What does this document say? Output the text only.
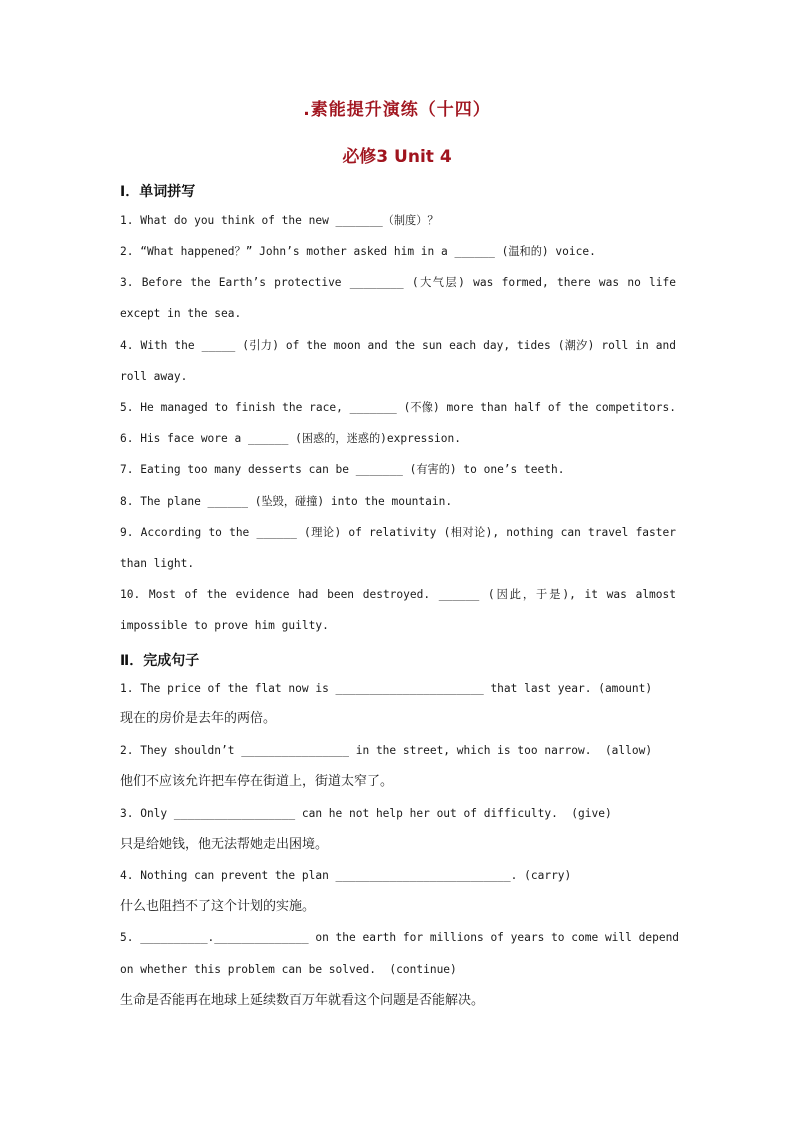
.素能提升演练（十四）
必修3 Unit 4
Ⅰ．单词拼写
1. What do you think of the new _______（制度）？
2. “What happened？” John’s mother asked him in a ______ (温和的) voice.
3. Before the Earth’s protective ________ (大气层) was formed, there was no life
except in the sea.
4. With the _____ (引力) of the moon and the sun each day, tides (潮汐) roll in and
roll away.
5. He managed to finish the race, _______ (不像) more than half of the competitors.
6. His face wore a ______ (困惑的，迷惑的)expression.
7. Eating too many desserts can be _______ (有害的) to one’s teeth.
8. The plane ______ (坠毁，碰撞) into the mountain.
9. According to the ______ (理论) of relativity (相对论), nothing can travel faster
than light.
10. Most of the evidence had been destroyed. ______ (因此，于是), it was almost
impossible to prove him guilty.
Ⅱ．完成句子
1. The price of the flat now is ______________________ that last year. (amount)
现在的房价是去年的两倍。
2. They shouldn’t ________________ in the street, which is too narrow.  (allow)
他们不应该允许把车停在街道上，街道太窄了。
3. Only __________________ can he not help her out of difficulty.  (give)
只是给她钱，他无法帮她走出困境。
4. Nothing can prevent the plan __________________________. (carry)
什么也阻挡不了这个计划的实施。
5. __________.______________ on the earth for millions of years to come will depend
on whether this problem can be solved.  (continue)
生命是否能再在地球上延续数百万年就看这个问题是否能解决。
